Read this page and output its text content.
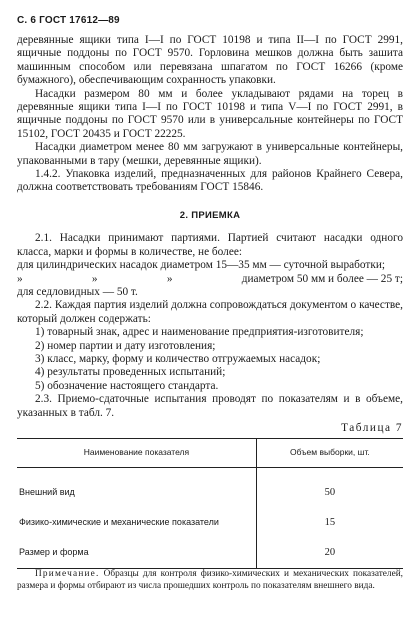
С. 6 ГОСТ 17612—89

деревянные ящики типа I—I по ГОСТ 10198 и типа II—I по ГОСТ 2991, ящичные поддоны по ГОСТ 9570. Горловина мешков должна быть зашита машинным способом или перевязана шпагатом по ГОСТ 16266 (кроме бумажного), обеспечивающим сохранность упаковки.

Насадки размером 80 мм и более укладывают рядами на торец в деревянные ящики типа I—I по ГОСТ 10198 и типа V—I по ГОСТ 2991, в ящичные поддоны по ГОСТ 9570 или в универсальные контейнеры по ГОСТ 15102, ГОСТ 20435 и ГОСТ 22225.

Насадки диаметром менее 80 мм загружают в универсальные контейнеры, упакованными в тару (мешки, деревянные ящики).

1.4.2. Упаковка изделий, предназначенных для районов Крайнего Севера, должна соответствовать требованиям ГОСТ 15846.

2. ПРИЕМКА

2.1. Насадки принимают партиями. Партией считают насадки одного класса, марки и формы в количестве, не более:

для цилиндрических насадок диаметром 15—35 мм — суточной выработки;

»	»	»	диаметром 50 мм и более — 25 т;

для седловидных — 50 т.

2.2. Каждая партия изделий должна сопровождаться документом о качестве, который должен содержать:

1) товарный знак, адрес и наименование предприятия-изготовителя;

2) номер партии и дату изготовления;

3) класс, марку, форму и количество отгружаемых насадок;

4) результаты проведенных испытаний;

5) обозначение настоящего стандарта.

2.3. Приемо-сдаточные испытания проводят по показателям и в объеме, указанных в табл. 7.

Таблица 7
Наименование показателя	Объем выборки, шт.
Внешний вид	50
Физико-химические и механические показатели	15
Размер и форма	20

Примечание. Образцы для контроля физико-химических и механических показателей, размера и формы отбирают из числа прошедших контроль по показателям внешнего вида.
